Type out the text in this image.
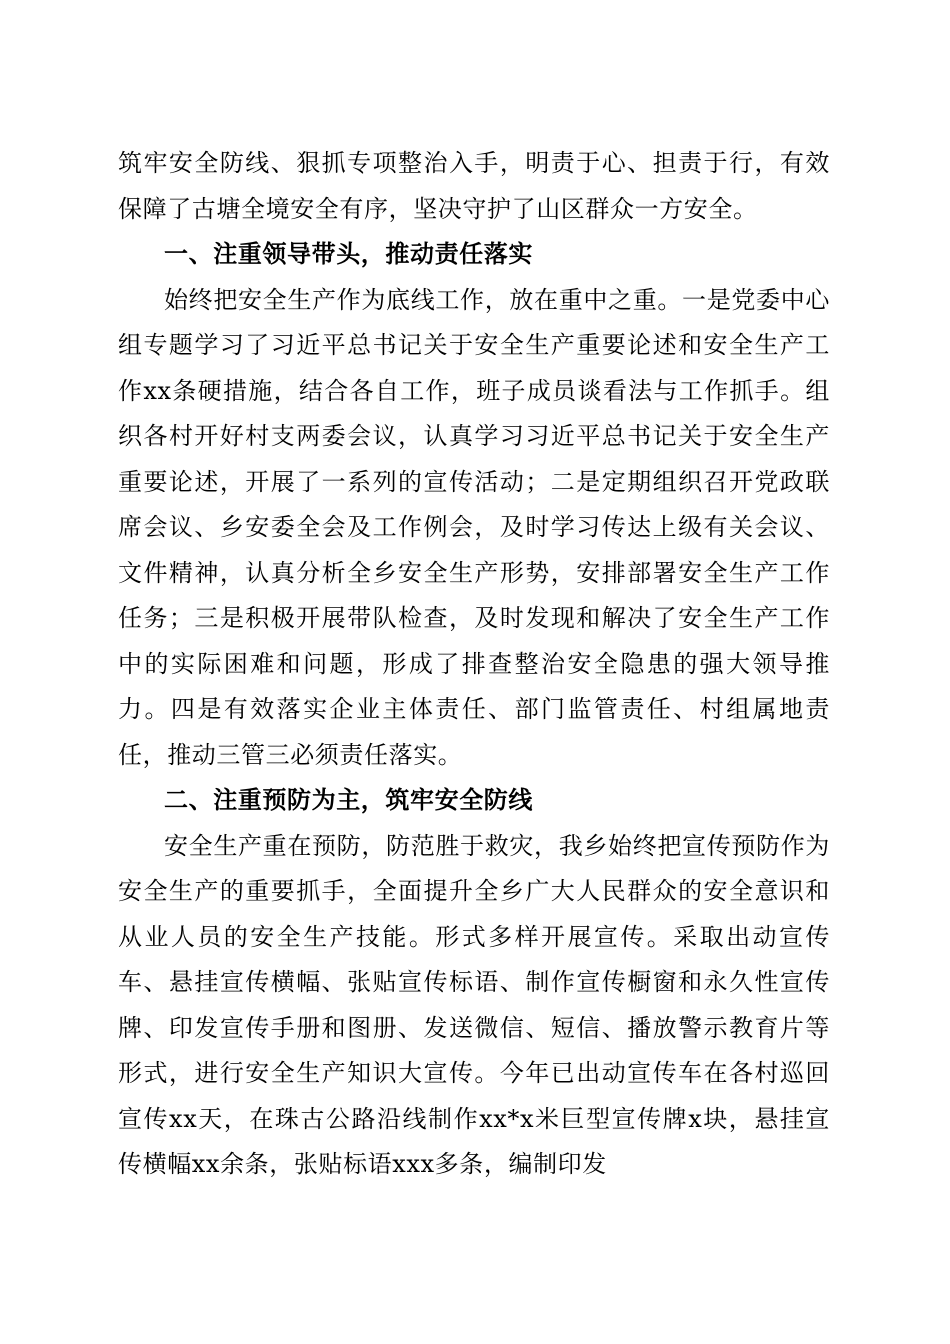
筑牢安全防线、狠抓专项整治入手，明责于心、担责于行，有效保障了古塘全境安全有序，坚决守护了山区群众一方安全。

一、注重领导带头，推动责任落实

始终把安全生产作为底线工作，放在重中之重。一是党委中心组专题学习了习近平总书记关于安全生产重要论述和安全生产工作xx条硬措施，结合各自工作，班子成员谈看法与工作抓手。组织各村开好村支两委会议，认真学习习近平总书记关于安全生产重要论述，开展了一系列的宣传活动；二是定期组织召开党政联席会议、乡安委全会及工作例会，及时学习传达上级有关会议、文件精神，认真分析全乡安全生产形势，安排部署安全生产工作任务；三是积极开展带队检查，及时发现和解决了安全生产工作中的实际困难和问题，形成了排查整治安全隐患的强大领导推力。四是有效落实企业主体责任、部门监管责任、村组属地责任，推动三管三必须责任落实。

二、注重预防为主，筑牢安全防线

安全生产重在预防，防范胜于救灾，我乡始终把宣传预防作为安全生产的重要抓手，全面提升全乡广大人民群众的安全意识和从业人员的安全生产技能。形式多样开展宣传。采取出动宣传车、悬挂宣传横幅、张贴宣传标语、制作宣传橱窗和永久性宣传牌、印发宣传手册和图册、发送微信、短信、播放警示教育片等形式，进行安全生产知识大宣传。今年已出动宣传车在各村巡回宣传xx天，在珠古公路沿线制作xx*x米巨型宣传牌x块，悬挂宣传横幅xx余条，张贴标语xxx多条，编制印发
